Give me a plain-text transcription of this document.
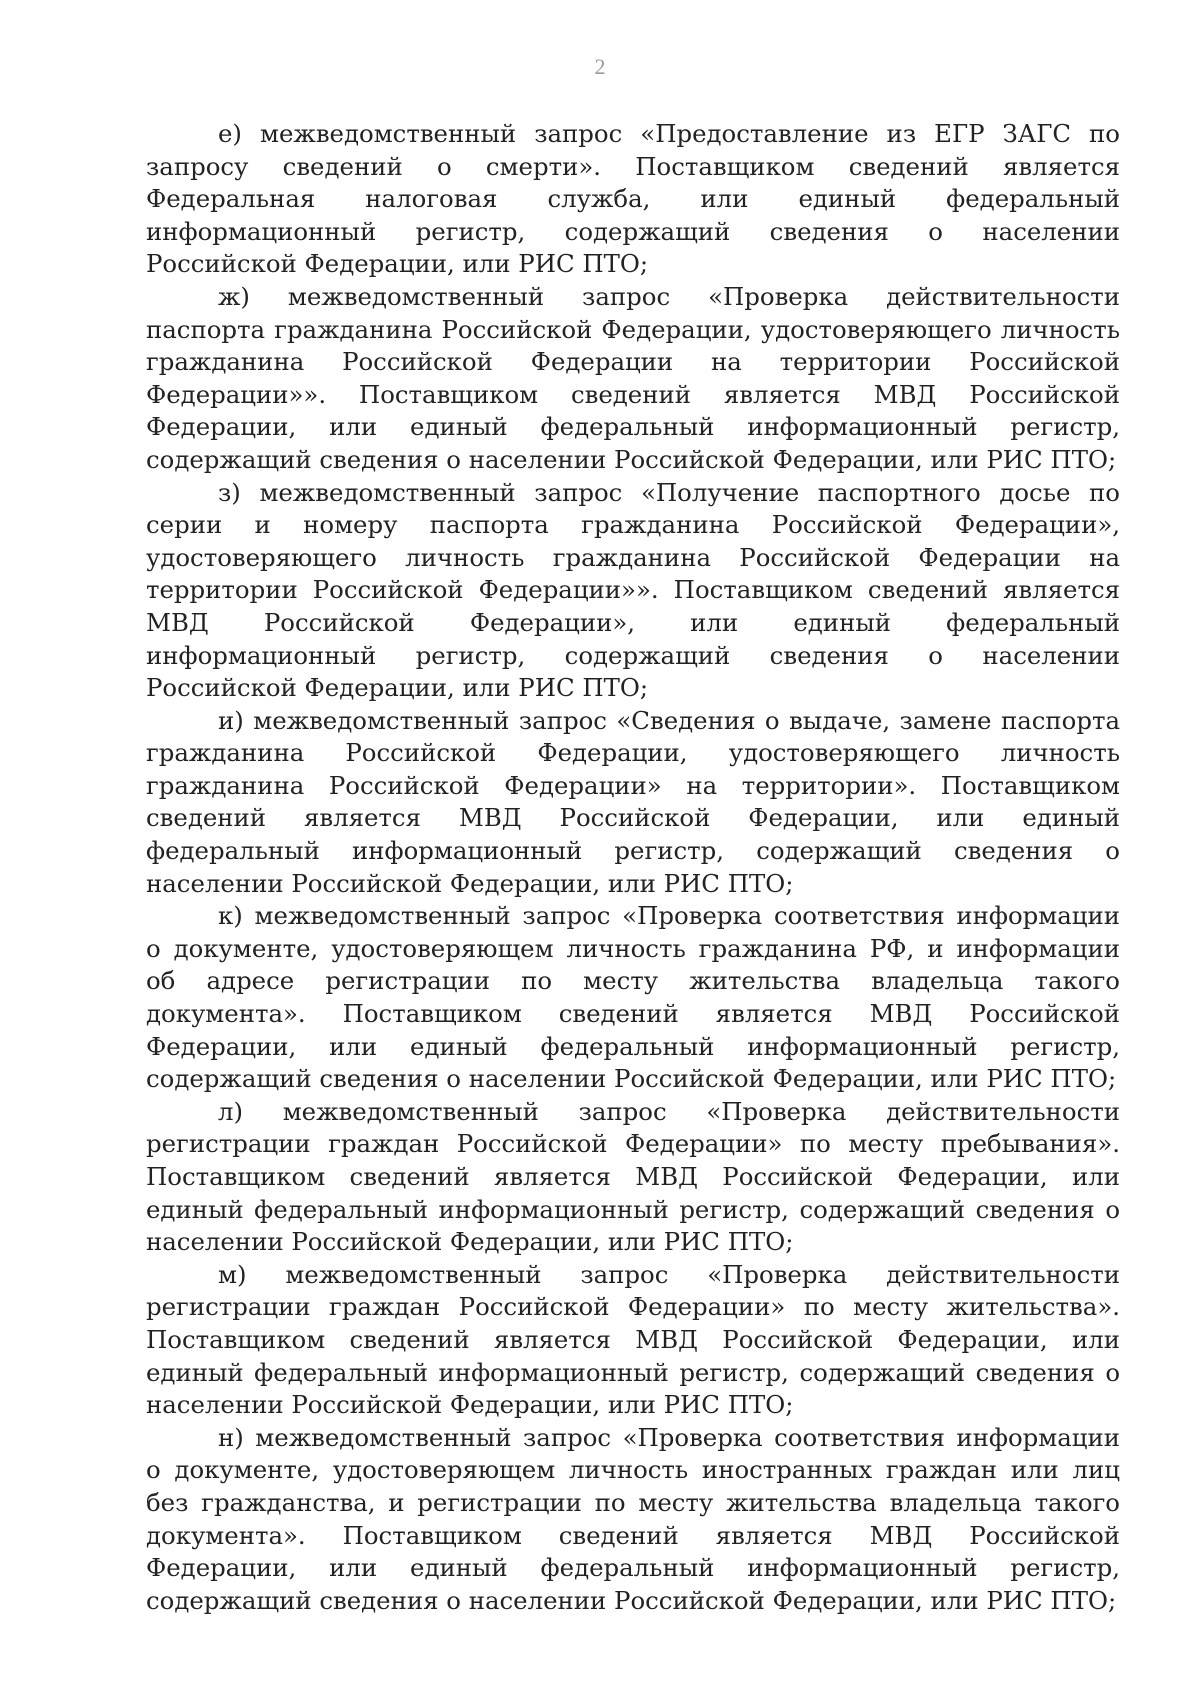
2

е) межведомственный запрос «Предоставление из ЕГР ЗАГС по запросу сведений о смерти». Поставщиком сведений является Федеральная налоговая служба, или единый федеральный информационный регистр, содержащий сведения о населении Российской Федерации, или РИС ПТО;

ж) межведомственный запрос «Проверка действительности паспорта гражданина Российской Федерации, удостоверяющего личность гражданина Российской Федерации на территории Российской Федерации»». Поставщиком сведений является МВД Российской Федерации, или единый федеральный информационный регистр, содержащий сведения о населении Российской Федерации, или РИС ПТО;

з) межведомственный запрос «Получение паспортного досье по серии и номеру паспорта гражданина Российской Федерации», удостоверяющего личность гражданина Российской Федерации на территории Российской Федерации»». Поставщиком сведений является МВД Российской Федерации», или единый федеральный информационный регистр, содержащий сведения о населении Российской Федерации, или РИС ПТО;

и) межведомственный запрос «Сведения о выдаче, замене паспорта гражданина Российской Федерации, удостоверяющего личность гражданина Российской Федерации» на территории». Поставщиком сведений является МВД Российской Федерации, или единый федеральный информационный регистр, содержащий сведения о населении Российской Федерации, или РИС ПТО;

к) межведомственный запрос «Проверка соответствия информации о документе, удостоверяющем личность гражданина РФ, и информации об адресе регистрации по месту жительства владельца такого документа». Поставщиком сведений является МВД Российской Федерации, или единый федеральный информационный регистр, содержащий сведения о населении Российской Федерации, или РИС ПТО;

л) межведомственный запрос «Проверка действительности регистрации граждан Российской Федерации» по месту пребывания». Поставщиком сведений является МВД Российской Федерации, или единый федеральный информационный регистр, содержащий сведения о населении Российской Федерации, или РИС ПТО;

м) межведомственный запрос «Проверка действительности регистрации граждан Российской Федерации» по месту жительства». Поставщиком сведений является МВД Российской Федерации, или единый федеральный информационный регистр, содержащий сведения о населении Российской Федерации, или РИС ПТО;

н) межведомственный запрос «Проверка соответствия информации о документе, удостоверяющем личность иностранных граждан или лиц без гражданства, и регистрации по месту жительства владельца такого документа». Поставщиком сведений является МВД Российской Федерации, или единый федеральный информационный регистр, содержащий сведения о населении Российской Федерации, или РИС ПТО;
